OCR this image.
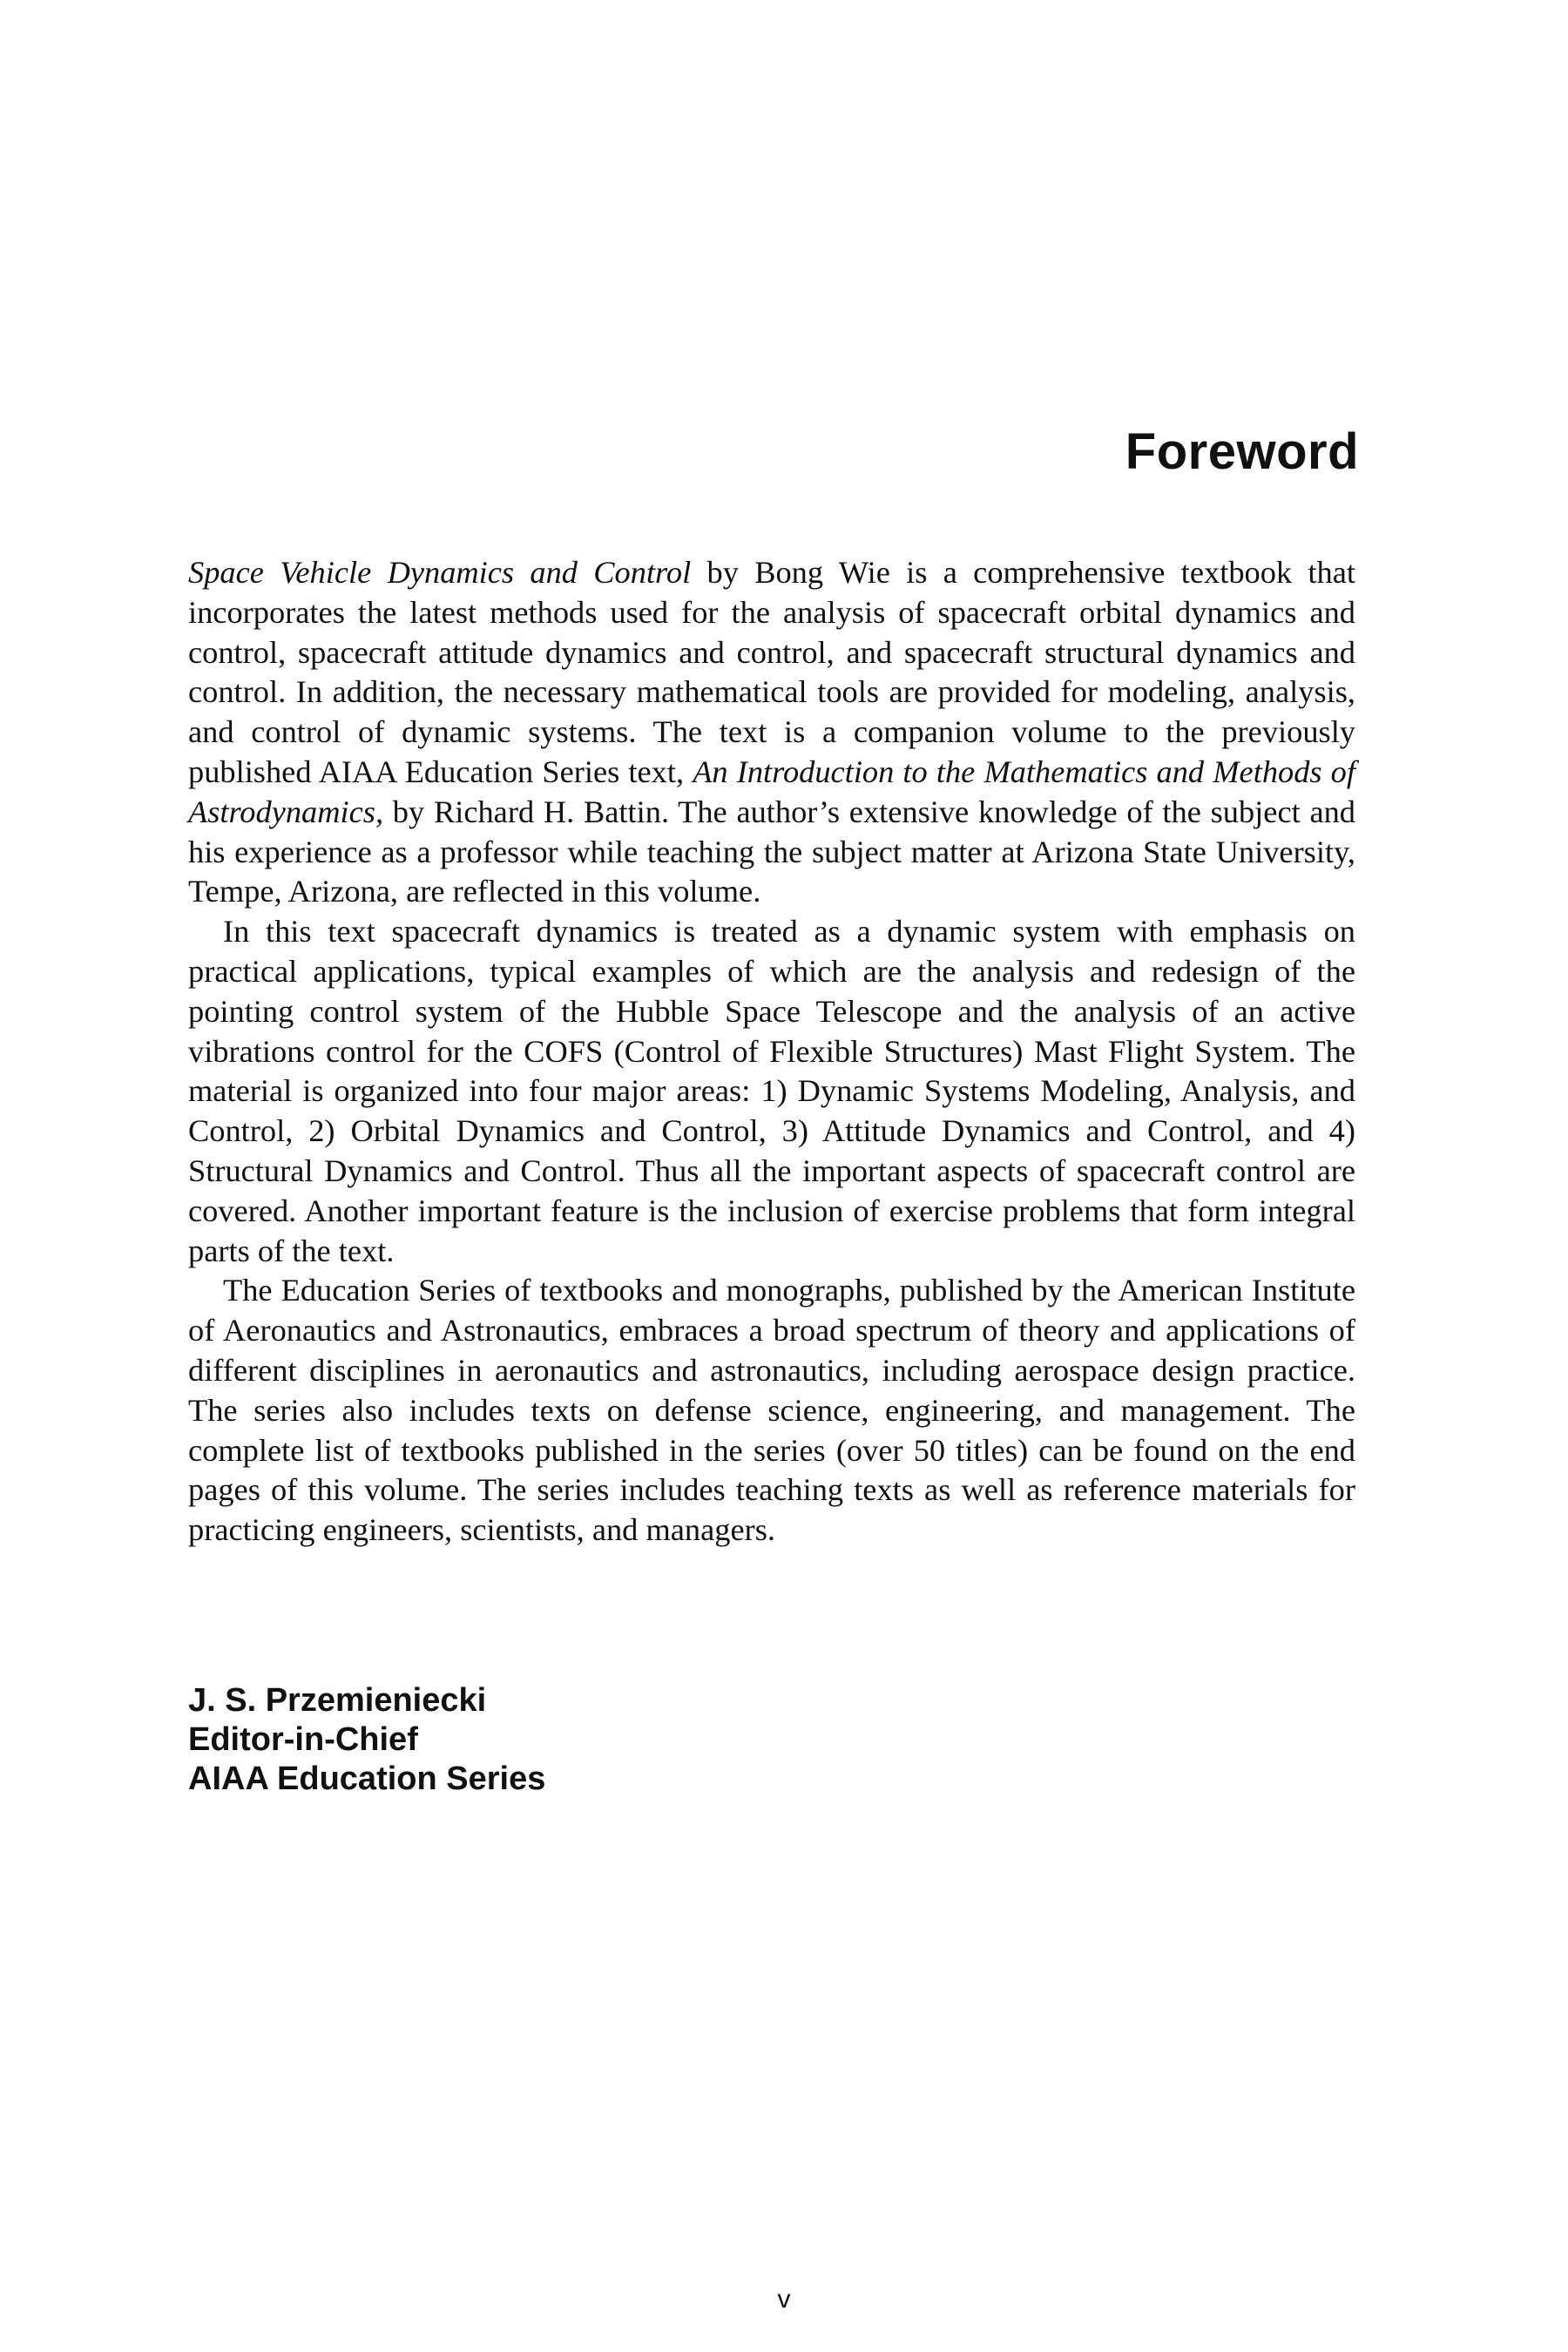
Foreword

Space Vehicle Dynamics and Control by Bong Wie is a comprehensive textbook that incorporates the latest methods used for the analysis of spacecraft orbital dynamics and control, spacecraft attitude dynamics and control, and spacecraft structural dynamics and control. In addition, the necessary mathematical tools are provided for modeling, analysis, and control of dynamic systems. The text is a companion volume to the previously published AIAA Education Series text, An Introduction to the Mathematics and Methods of Astrodynamics, by Richard H. Battin. The author’s extensive knowledge of the subject and his experience as a professor while teaching the subject matter at Arizona State University, Tempe, Arizona, are reflected in this volume.

In this text spacecraft dynamics is treated as a dynamic system with emphasis on practical applications, typical examples of which are the analysis and redesign of the pointing control system of the Hubble Space Telescope and the analysis of an active vibrations control for the COFS (Control of Flexible Structures) Mast Flight System. The material is organized into four major areas: 1) Dynamic Systems Modeling, Analysis, and Control, 2) Orbital Dynamics and Control, 3) Attitude Dynamics and Control, and 4) Structural Dynamics and Control. Thus all the important aspects of spacecraft control are covered. Another important feature is the inclusion of exercise problems that form integral parts of the text.

The Education Series of textbooks and monographs, published by the American Institute of Aeronautics and Astronautics, embraces a broad spectrum of theory and applications of different disciplines in aeronautics and astronautics, including aerospace design practice. The series also includes texts on defense science, engineering, and management. The complete list of textbooks published in the series (over 50 titles) can be found on the end pages of this volume. The series includes teaching texts as well as reference materials for practicing engineers, scientists, and managers.

J. S. Przemieniecki
Editor-in-Chief
AIAA Education Series
v
